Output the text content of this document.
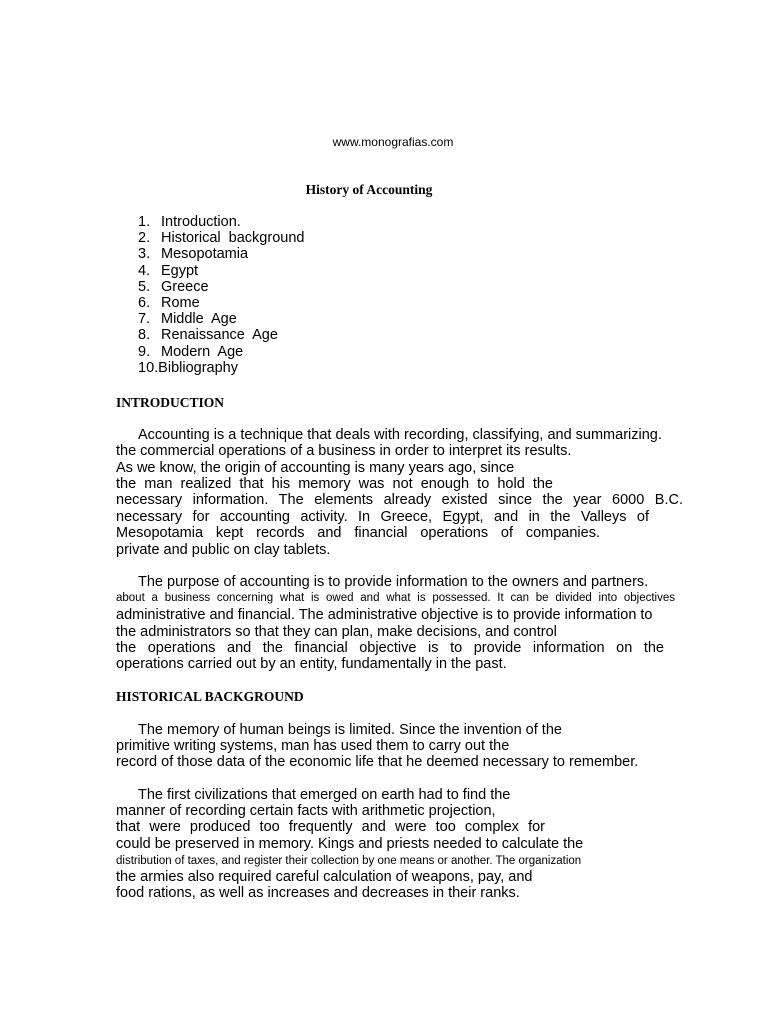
www.monografias.com
History of Accounting
1. Introduction.
2. Historical  background
3. Mesopotamia
4. Egypt
5. Greece
6. Rome
7. Middle  Age
8. Renaissance  Age
9. Modern  Age
10.Bibliography
INTRODUCTION
Accounting is a technique that deals with recording, classifying, and summarizing.
the commercial operations of a business in order to interpret its results.
As we know, the origin of accounting is many years ago, since
the man realized that his memory was not enough to hold the
necessary information. The elements already existed since the year 6000 B.C.
necessary for accounting activity. In Greece, Egypt, and in the Valleys of
Mesopotamia kept records and financial operations of companies.
private and public on clay tablets.
The purpose of accounting is to provide information to the owners and partners.
about a business concerning what is owed and what is possessed. It can be divided into objectives
administrative and financial. The administrative objective is to provide information to
the administrators so that they can plan, make decisions, and control
the operations and the financial objective is to provide information on the
operations carried out by an entity, fundamentally in the past.
HISTORICAL BACKGROUND
The memory of human beings is limited. Since the invention of the
primitive writing systems, man has used them to carry out the
record of those data of the economic life that he deemed necessary to remember.
The first civilizations that emerged on earth had to find the
manner of recording certain facts with arithmetic projection,
that were produced too frequently and were too complex for
could be preserved in memory. Kings and priests needed to calculate the
distribution of taxes, and register their collection by one means or another. The organization
the armies also required careful calculation of weapons, pay, and
food rations, as well as increases and decreases in their ranks.
